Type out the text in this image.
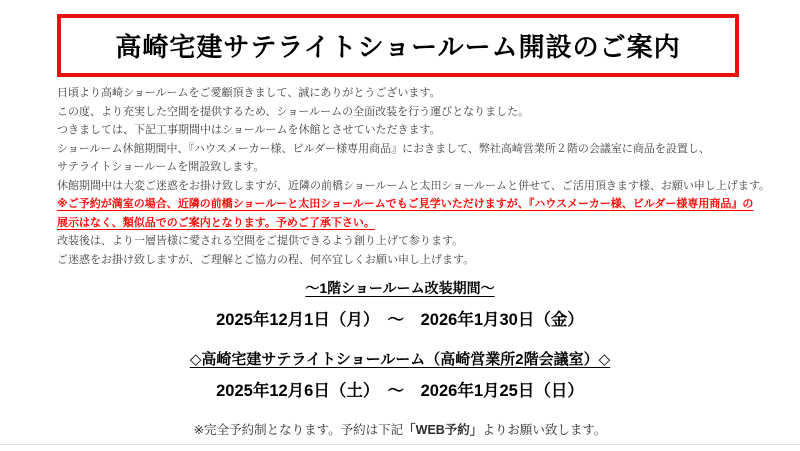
高崎宅建サテライトショールーム開設のご案内

日頃より高崎ショールームをご愛顧頂きまして、誠にありがとうございます。

この度、より充実した空間を提供するため、ショールームの全面改装を行う運びとなりました。

つきましては、下記工事期間中はショールームを休館とさせていただきます。

ショールーム休館期間中、『ハウスメーカー様、ビルダー様専用商品』におきまして、弊社高崎営業所２階の会議室に商品を設置し、

サテライトショールームを開設致します。

休館期間中は大変ご迷惑をお掛け致しますが、近隣の前橋ショールームと太田ショールームと併せて、ご活用頂きます様、お願い申し上げます。

※ご予約が満室の場合、近隣の前橋ショールーと太田ショールームでもご見学いただけますが、『ハウスメーカー様、ビルダー様専用商品』の

展示はなく、類似品でのご案内となります。予めご了承下さい。

改装後は、より一層皆様に愛される空間をご提供できるよう創り上げて参ります。

ご迷惑をお掛け致しますが、ご理解とご協力の程、何卒宜しくお願い申し上げます。

～1階ショールーム改装期間～
2025年12月1日（月）　～　2026年1月30日（金）
◇高崎宅建サテライトショールーム（高崎営業所2階会議室）◇
2025年12月6日（土）　～　2026年1月25日（日）
※完全予約制となります。予約は下記「WEB予約」よりお願い致します。
